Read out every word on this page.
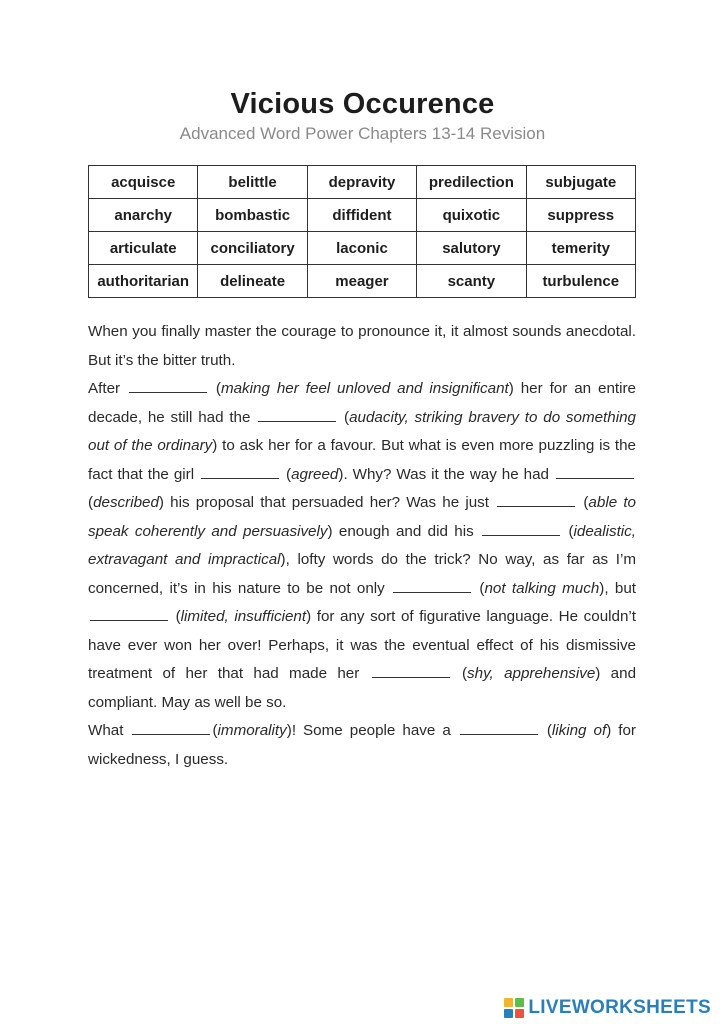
Vicious Occurence
Advanced Word Power Chapters 13-14 Revision
acquisce	belittle	depravity	predilection	subjugate
anarchy	bombastic	diffident	quixotic	suppress
articulate	conciliatory	laconic	salutory	temerity
authoritarian	delineate	meager	scanty	turbulence

When you finally master the courage to pronounce it, it almost sounds anecdotal. But it’s the bitter truth.

After	(making her feel unloved and insignificant) her for an entire decade, he still had the	(audacity, striking bravery to do something out of the ordinary) to ask her for a favour. But what is even more puzzling is the fact that the girl	(agreed). Why? Was it the way he had  (described) his proposal that persuaded her? Was he just	(able to speak coherently and persuasively) enough and did his	(idealistic, extravagant and impractical), lofty words do the trick? No way, as far as I’m concerned, it’s in his nature to be not only	(not talking much), but  (limited, insufficient) for any sort of figurative language. He couldn’t have ever won her over! Perhaps, it was the eventual effect of his dismissive treatment of her that had made her	(shy, apprehensive) and compliant. May as well be so.

What	(immorality)! Some people have a	(liking of) for wickedness, I guess.

LIVEWORKSHEETS
